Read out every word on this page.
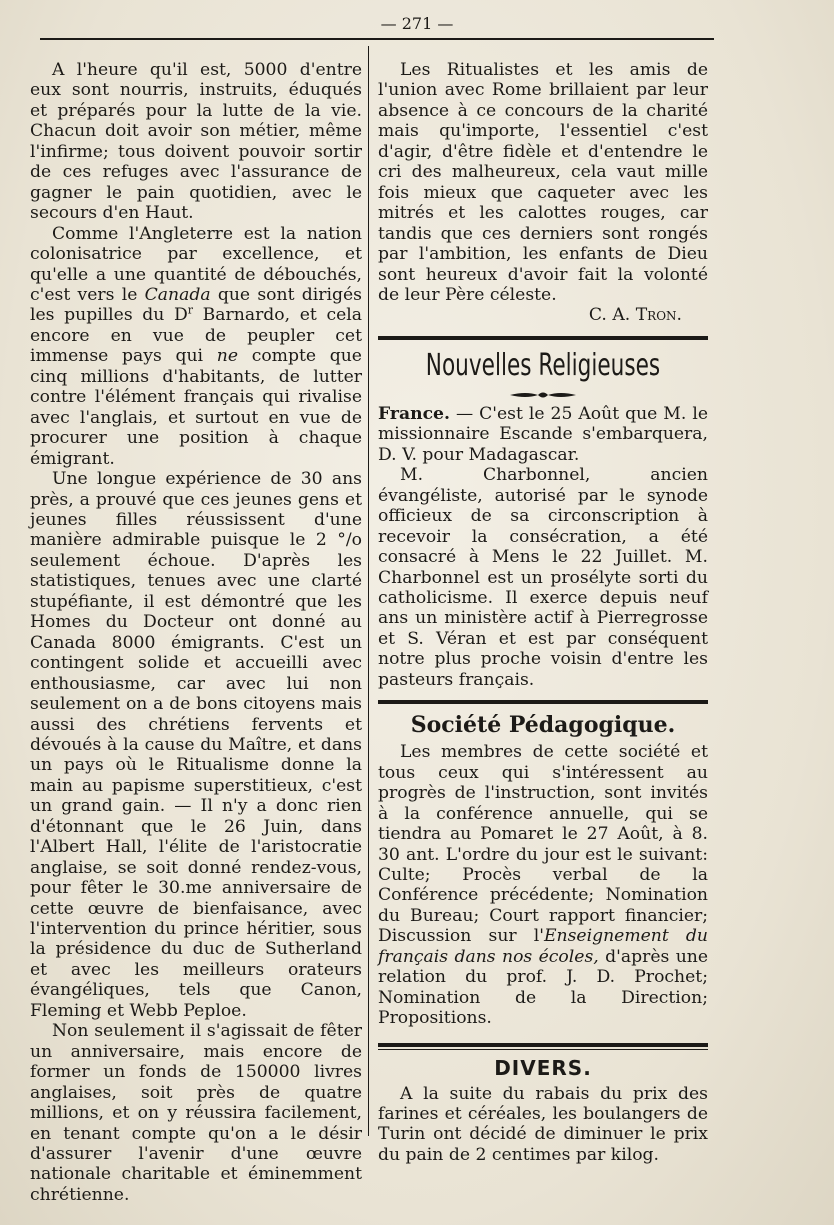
— 271 —

A l'heure qu'il est, 5000 d'entre eux sont nourris, instruits, éduqués et préparés pour la lutte de la vie. Chacun doit avoir son métier, même l'infirme; tous doivent pouvoir sortir de ces refuges avec l'assurance de gagner le pain quotidien, avec le secours d'en Haut.

Comme l'Angleterre est la nation colonisatrice par excellence, et qu'elle a une quantité de débouchés, c'est vers le Canada que sont dirigés les pupilles du $D^r$ Barnardo, et cela encore en vue de peupler cet immense pays qui ne compte que cinq millions d'habitants, de lutter contre l'élément français qui rivalise avec l'anglais, et surtout en vue de procurer une position à chaque émigrant.

Une longue expérience de 30 ans près, a prouvé que ces jeunes gens et jeunes filles réussissent d'une manière admirable puisque le 2 °/o seulement échoue. D'après les statistiques, tenues avec une clarté stupéfiante, il est démontré que les Homes du Docteur ont donné au Canada 8000 émigrants. C'est un contingent solide et accueilli avec enthousiasme, car avec lui non seulement on a de bons citoyens mais aussi des chrétiens fervents et dévoués à la cause du Maître, et dans un pays où le Ritualisme donne la main au papisme superstitieux, c'est un grand gain. — Il n'y a donc rien d'étonnant que le 26 Juin, dans l'Albert Hall, l'élite de l'aristocratie anglaise, se soit donné rendez-vous, pour fêter le 30.me anniversaire de cette œuvre de bienfaisance, avec l'intervention du prince héritier, sous la présidence du duc de Sutherland et avec les meilleurs orateurs évangéliques, tels que Canon, Fleming et Webb Peploe.

Non seulement il s'agissait de fêter un anniversaire, mais encore de former un fonds de 150000 livres anglaises, soit près de quatre millions, et on y réussira facilement, en tenant compte qu'on a le désir d'assurer l'avenir d'une œuvre nationale charitable et éminemment chrétienne.

Les Ritualistes et les amis de l'union avec Rome brillaient par leur absence à ce concours de la charité mais qu'importe, l'essentiel c'est d'agir, d'être fidèle et d'entendre le cri des malheureux, cela vaut mille fois mieux que caqueter avec les mitrés et les calottes rouges, car tandis que ces derniers sont rongés par l'ambition, les enfants de Dieu sont heureux d'avoir fait la volonté de leur Père céleste.

C. A. Tron.

Nouvelles Religieuses

France. — C'est le 25 Août que M. le missionnaire Escande s'embarquera, D. V. pour Madagascar.

M. Charbonnel, ancien évangéliste, autorisé par le synode officieux de sa circonscription à recevoir la consécration, a été consacré à Mens le 22 Juillet. M. Charbonnel est un prosélyte sorti du catholicisme. Il exerce depuis neuf ans un ministère actif à Pierregrosse et S. Véran et est par conséquent notre plus proche voisin d'entre les pasteurs français.

Société Pédagogique.

Les membres de cette société et tous ceux qui s'intéressent au progrès de l'instruction, sont invités à la conférence annuelle, qui se tiendra au Pomaret le 27 Août, à 8. 30 ant. L'ordre du jour est le suivant: Culte; Procès verbal de la Conférence précédente; Nomination du Bureau; Court rapport financier; Discussion sur l'Enseignement du français dans nos écoles, d'après une relation du prof. J. D. Prochet; Nomination de la Direction; Propositions.

DIVERS.

A la suite du rabais du prix des farines et céréales, les boulangers de Turin ont décidé de diminuer le prix du pain de 2 centimes par kilog.
